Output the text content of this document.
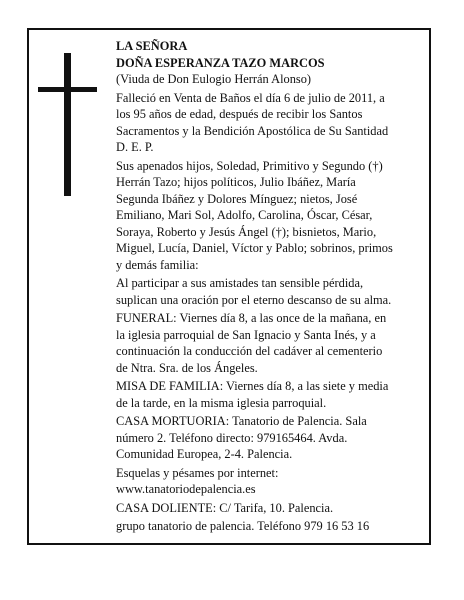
LA SEÑORA
DOÑA ESPERANZA TAZO MARCOS
(Viuda de Don Eulogio Herrán Alonso)

Falleció en Venta de Baños el día 6 de julio de 2011, a
los 95 años de edad, después de recibir los Santos
Sacramentos y la Bendición Apostólica de Su Santidad
D. E. P.

Sus apenados hijos, Soledad, Primitivo y Segundo (†)
Herrán Tazo; hijos políticos, Julio Ibáñez, María
Segunda Ibáñez y Dolores Mínguez; nietos, José
Emiliano, Mari Sol, Adolfo, Carolina, Óscar, César,
Soraya, Roberto y Jesús Ángel (†); bisnietos, Mario,
Miguel, Lucía, Daniel, Víctor y Pablo; sobrinos, primos
y demás familia:

Al participar a sus amistades tan sensible pérdida,
suplican una oración por el eterno descanso de su alma.

FUNERAL: Viernes día 8, a las once de la mañana, en
la iglesia parroquial de San Ignacio y Santa Inés, y a
continuación la conducción del cadáver al cementerio
de Ntra. Sra. de los Ángeles.

MISA DE FAMILIA: Viernes día 8, a las siete y media
de la tarde, en la misma iglesia parroquial.

CASA MORTUORIA: Tanatorio de Palencia. Sala
número 2. Teléfono directo: 979165464. Avda.
Comunidad Europea, 2-4. Palencia.

Esquelas y pésames por internet:
www.tanatoriodepalencia.es

CASA DOLIENTE: C/ Tarifa, 10. Palencia.

grupo tanatorio de palencia. Teléfono 979 16 53 16
